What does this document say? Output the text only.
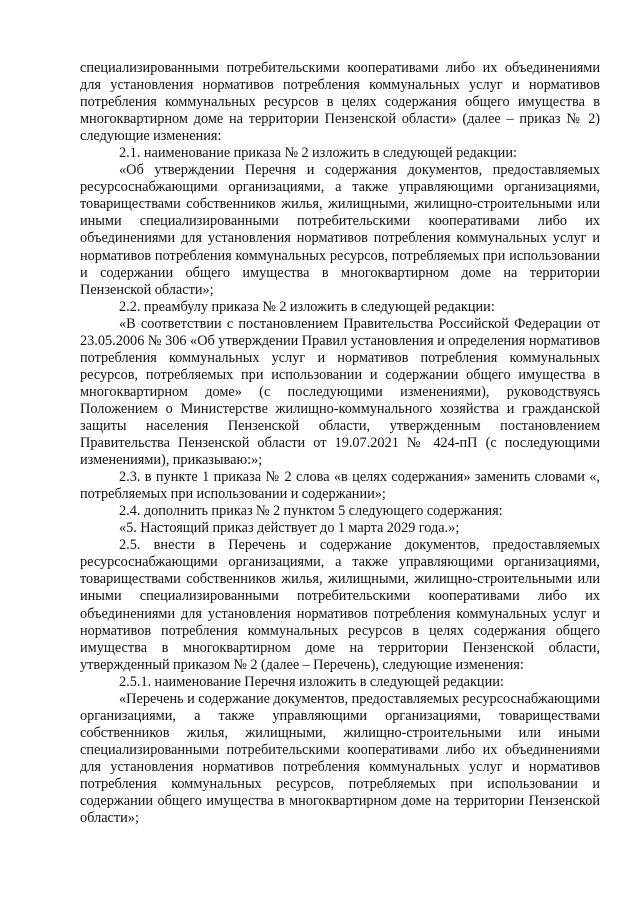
специализированными потребительскими кооперативами либо их объединениями для установления нормативов потребления коммунальных услуг и нормативов потребления коммунальных ресурсов в целях содержания общего имущества в многоквартирном доме на территории Пензенской области» (далее – приказ № 2) следующие изменения:

2.1. наименование приказа № 2 изложить в следующей редакции:

«Об утверждении Перечня и содержания документов, предоставляемых ресурсоснабжающими организациями, а также управляющими организациями, товариществами собственников жилья, жилищными, жилищно-строительными или иными специализированными потребительскими кооперативами либо их объединениями для установления нормативов потребления коммунальных услуг и нормативов потребления коммунальных ресурсов, потребляемых при использовании и содержании общего имущества в многоквартирном доме на территории Пензенской области»;

2.2. преамбулу приказа № 2 изложить в следующей редакции:

«В соответствии с постановлением Правительства Российской Федерации от 23.05.2006 № 306 «Об утверждении Правил установления и определения нормативов потребления коммунальных услуг и нормативов потребления коммунальных ресурсов, потребляемых при использовании и содержании общего имущества в многоквартирном доме» (с последующими изменениями), руководствуясь Положением о Министерстве жилищно-коммунального хозяйства и гражданской защиты населения Пензенской области, утвержденным постановлением Правительства Пензенской области от 19.07.2021 № 424-пП (с последующими изменениями), приказываю:»;

2.3. в пункте 1 приказа № 2 слова «в целях содержания» заменить словами «, потребляемых при использовании и содержании»;

2.4. дополнить приказ № 2 пунктом 5 следующего содержания:

«5. Настоящий приказ действует до 1 марта 2029 года.»;

2.5. внести в Перечень и содержание документов, предоставляемых ресурсоснабжающими организациями, а также управляющими организациями, товариществами собственников жилья, жилищными, жилищно-строительными или иными специализированными потребительскими кооперативами либо их объединениями для установления нормативов потребления коммунальных услуг и нормативов потребления коммунальных ресурсов в целях содержания общего имущества в многоквартирном доме на территории Пензенской области, утвержденный приказом № 2 (далее – Перечень), следующие изменения:

2.5.1. наименование Перечня изложить в следующей редакции:

«Перечень и содержание документов, предоставляемых ресурсоснабжающими организациями, а также управляющими организациями, товариществами собственников жилья, жилищными, жилищно-строительными или иными специализированными потребительскими кооперативами либо их объединениями для установления нормативов потребления коммунальных услуг и нормативов потребления коммунальных ресурсов, потребляемых при использовании и содержании общего имущества в многоквартирном доме на территории Пензенской области»;
